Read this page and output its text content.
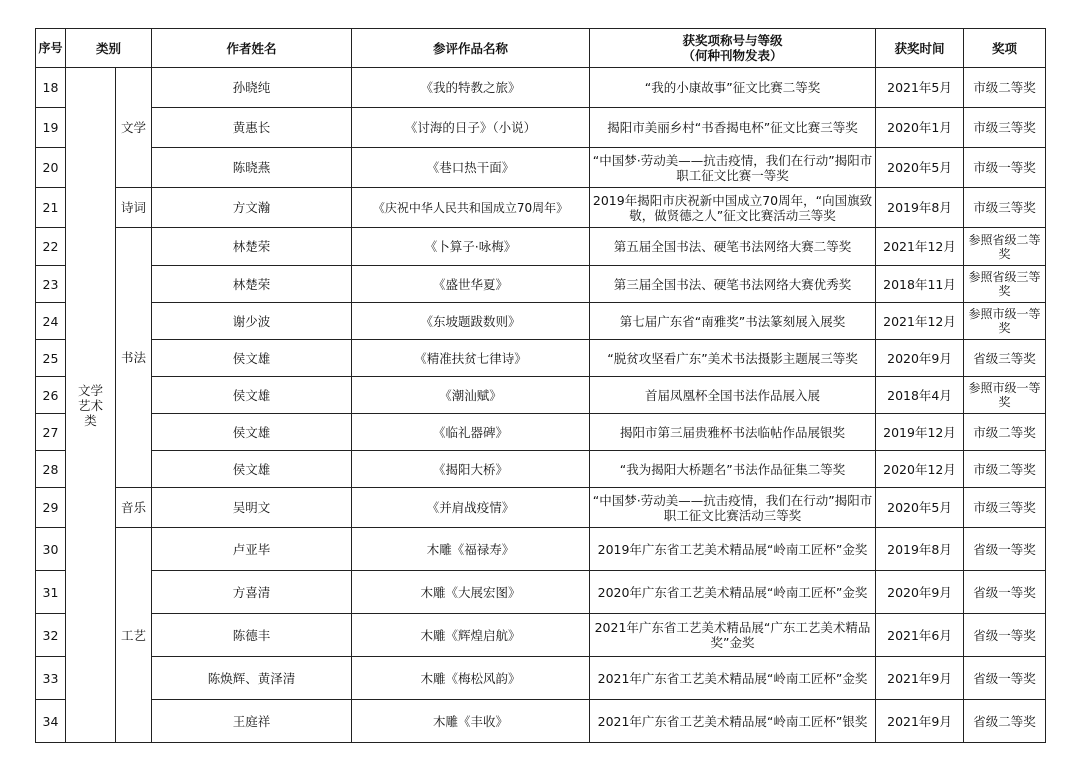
序号	类别		作者姓名	参评作品名称	获奖项称号与等级
（何种刊物发表）	获奖时间	奖项
18	文学艺术类	文学	孙晓纯	《我的特教之旅》	“我的小康故事”征文比赛二等奖	2021年5月	市级二等奖
19			黄惠长	《讨海的日子》（小说）	揭阳市美丽乡村“书香揭电杯”征文比赛三等奖	2020年1月	市级三等奖
20			陈晓燕	《巷口热干面》	“中国梦·劳动美——抗击疫情，我们在行动”揭阳市职工征文比赛一等奖	2020年5月	市级一等奖
21		诗词	方文瀚	《庆祝中华人民共和国成立70周年》	2019年揭阳市庆祝新中国成立70周年，“向国旗致敬，做贤德之人”征文比赛活动三等奖	2019年8月	市级三等奖
22		书法	林楚荣	《卜算子·咏梅》	第五届全国书法、硬笔书法网络大赛二等奖	2021年12月	参照省级二等奖
23			林楚荣	《盛世华夏》	第三届全国书法、硬笔书法网络大赛优秀奖	2018年11月	参照省级三等奖
24			谢少波	《东坡题跋数则》	第七届广东省“南雅奖”书法篆刻展入展奖	2021年12月	参照市级一等奖
25			侯文雄	《精准扶贫七律诗》	“脱贫攻坚看广东”美术书法摄影主题展三等奖	2020年9月	省级三等奖
26			侯文雄	《潮汕赋》	首届凤凰杯全国书法作品展入展	2018年4月	参照市级一等奖
27			侯文雄	《临礼器碑》	揭阳市第三届贵雅杯书法临帖作品展银奖	2019年12月	市级二等奖
28			侯文雄	《揭阳大桥》	“我为揭阳大桥题名”书法作品征集二等奖	2020年12月	市级二等奖
29		音乐	吴明文	《并肩战疫情》	“中国梦·劳动美——抗击疫情，我们在行动”揭阳市职工征文比赛活动三等奖	2020年5月	市级三等奖
30		工艺	卢亚毕	木雕《福禄寿》	2019年广东省工艺美术精品展“岭南工匠杯”金奖	2019年8月	省级一等奖
31			方喜清	木雕《大展宏图》	2020年广东省工艺美术精品展“岭南工匠杯”金奖	2020年9月	省级一等奖
32			陈德丰	木雕《辉煌启航》	2021年广东省工艺美术精品展“广东工艺美术精品奖”金奖	2021年6月	省级一等奖
33			陈焕辉、黄泽清	木雕《梅松风韵》	2021年广东省工艺美术精品展“岭南工匠杯”金奖	2021年9月	省级一等奖
34			王庭祥	木雕《丰收》	2021年广东省工艺美术精品展“岭南工匠杯”银奖	2021年9月	省级二等奖
